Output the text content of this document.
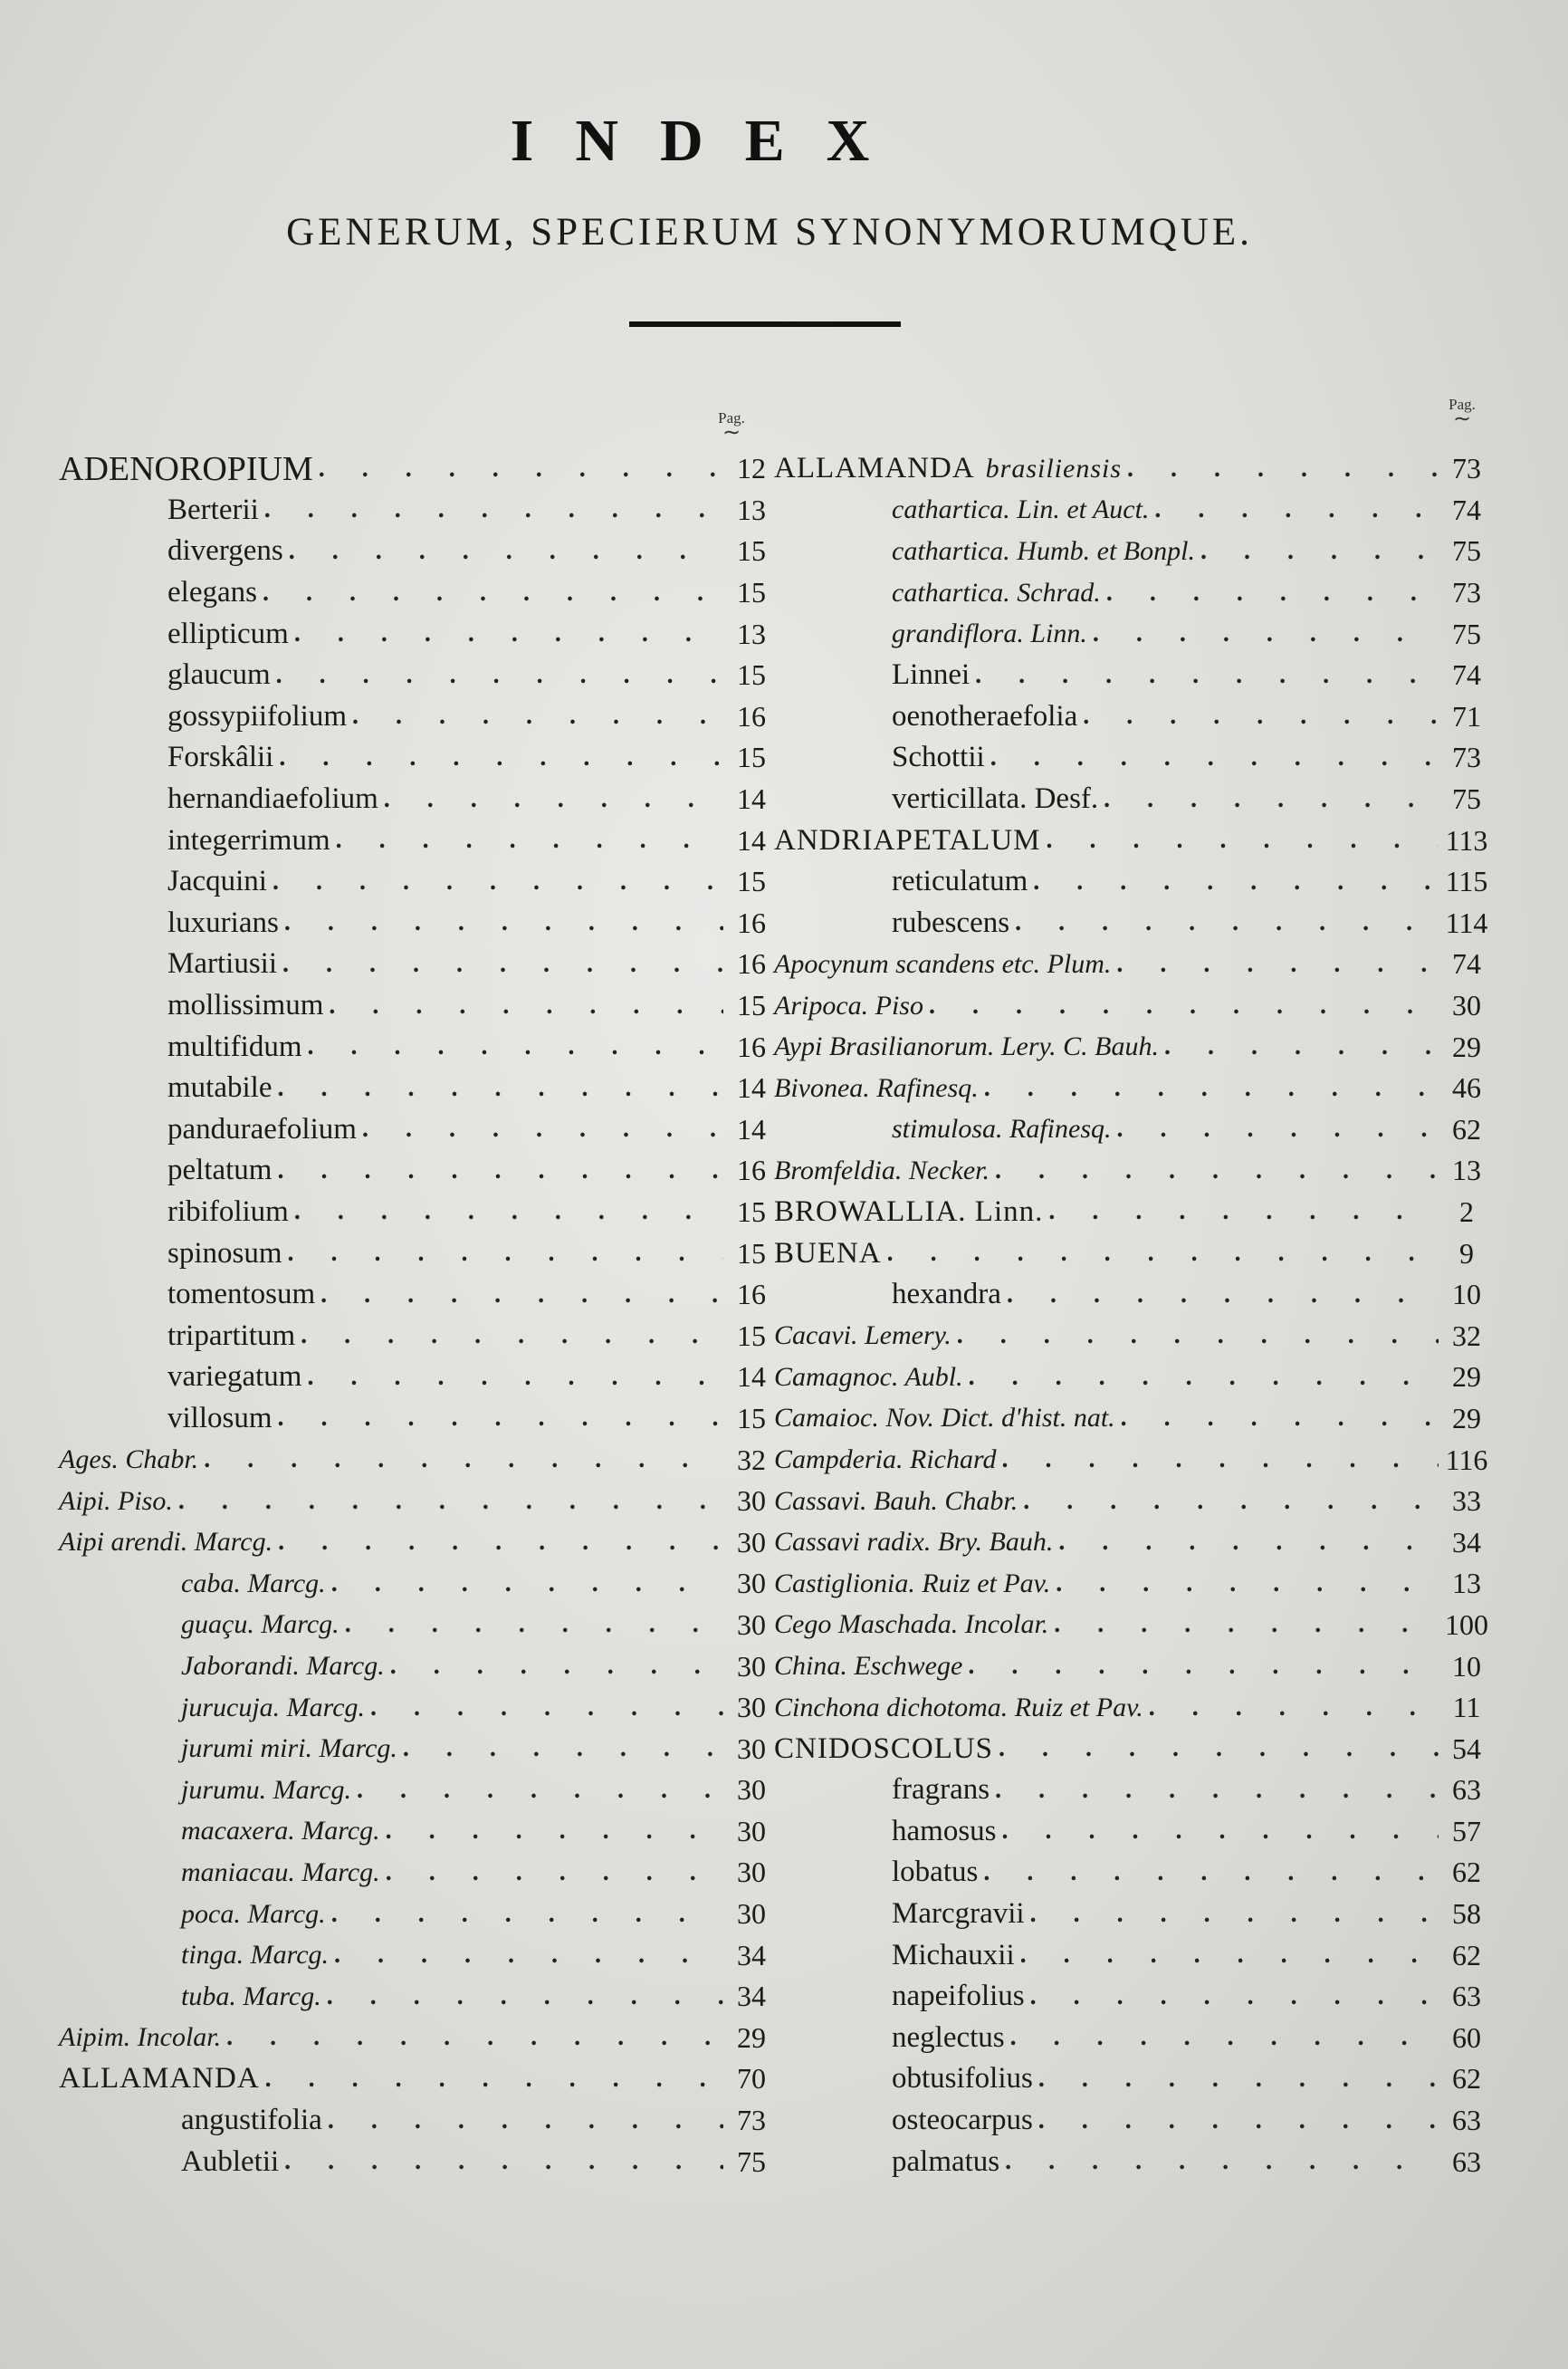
INDEX
GENERUM, SPECIERUM SYNONYMORUMQUE.
Pag.
∼
Pag.
∼
ADENOROPIUM . . .	12
Berterii . . .	13
divergens . . .	15
elegans . . .	15
ellipticum . . .	13
glaucum . . .	15
gossypiifolium . . .	16
Forskâlii . . .	15
hernandiaefolium . . .	14
integerrimum . . .	14
Jacquini . . .	15
luxurians . . .	16
Martiusii . . .	16
mollissimum . . .	15
multifidum . . .	16
mutabile . . .	14
panduraefolium . . .	14
peltatum . . .	16
ribifolium . . .	15
spinosum . . .	15
tomentosum . . .	16
tripartitum . . .	15
variegatum . . .	14
villosum . . .	15
Ages. Chabr. . . .	32
Aipi. Piso. . . .	30
Aipi arendi. Marcg. . . .	30
caba. Marcg. . . .	30
guaçu. Marcg. . . .	30
Jaborandi. Marcg. . . .	30
jurucuja. Marcg. . . .	30
jurumi miri. Marcg. . . .	30
jurumu. Marcg. . . .	30
macaxera. Marcg. . . .	30
maniacau. Marcg. . . .	30
poca. Marcg. . . .	30
tinga. Marcg. . . .	34
tuba. Marcg. . . .	34
Aipim. Incolar. . . .	29
ALLAMANDA . . .	70
angustifolia . . .	73
Aubletii . . .	75
ALLAMANDA brasiliensis . . .	73
cathartica. Lin. et Auct. . . .	74
cathartica. Humb. et Bonpl. . . .	75
cathartica. Schrad. . . .	73
grandiflora. Linn. . . .	75
Linnei . . .	74
oenotheraefolia . . .	71
Schottii . . .	73
verticillata. Desf. . . .	75
ANDRIAPETALUM . . .	113
reticulatum . . .	115
rubescens . . .	114
Apocynum scandens etc. Plum. . . .	74
Aripoca. Piso . . .	30
Aypi Brasilianorum. Lery. C. Bauh. . . .	29
Bivonea. Rafinesq. . . .	46
stimulosa. Rafinesq. . . .	62
Bromfeldia. Necker. . . .	13
BROWALLIA. Linn. . . .	2
BUENA . . .	9
hexandra . . .	10
Cacavi. Lemery. . . .	32
Camagnoc. Aubl. . . .	29
Camaioc. Nov. Dict. d'hist. nat. . . .	29
Campderia. Richard . . .	116
Cassavi. Bauh. Chabr. . . .	33
Cassavi radix. Bry. Bauh. . . .	34
Castiglionia. Ruiz et Pav. . . .	13
Cego Maschada. Incolar. . . .	100
China. Eschwege . . .	10
Cinchona dichotoma. Ruiz et Pav. . . .	11
CNIDOSCOLUS . . .	54
fragrans . . .	63
hamosus . . .	57
lobatus . . .	62
Marcgravii . . .	58
Michauxii . . .	62
napeifolius . . .	63
neglectus . . .	60
obtusifolius . . .	62
osteocarpus . . .	63
palmatus . . .	63
